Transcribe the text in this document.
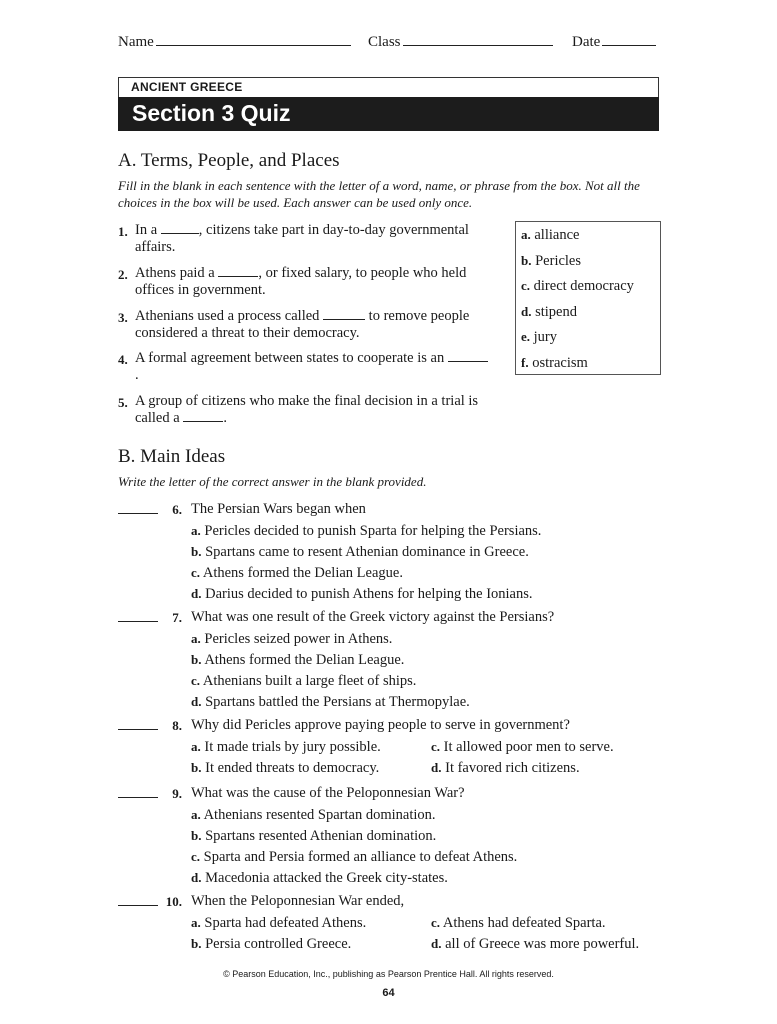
Name	Class	Date
ANCIENT GREECE
Section 3 Quiz
A. Terms, People, and Places
Fill in the blank in each sentence with the letter of a word, name, or phrase from the box. Not all the choices in the box will be used. Each answer can be used only once.
1. In a	, citizens take part in day-to-day governmental affairs.
2. Athens paid a	, or fixed salary, to people who held offices in government.
3. Athenians used a process called	to remove people considered a threat to their democracy.
4. A formal agreement between states to cooperate is an .
5. A group of citizens who make the final decision in a trial is called a	.
a. alliance
b. Pericles
c. direct democracy
d. stipend
e. jury
f. ostracism
B. Main Ideas
Write the letter of the correct answer in the blank provided.
6. The Persian Wars began when
a. Pericles decided to punish Sparta for helping the Persians.
b. Spartans came to resent Athenian dominance in Greece.
c. Athens formed the Delian League.
d. Darius decided to punish Athens for helping the Ionians.
7. What was one result of the Greek victory against the Persians?
a. Pericles seized power in Athens.
b. Athens formed the Delian League.
c. Athenians built a large fleet of ships.
d. Spartans battled the Persians at Thermopylae.
8. Why did Pericles approve paying people to serve in government?
a. It made trials by jury possible.	c. It allowed poor men to serve.
b. It ended threats to democracy.	d. It favored rich citizens.
9. What was the cause of the Peloponnesian War?
a. Athenians resented Spartan domination.
b. Spartans resented Athenian domination.
c. Sparta and Persia formed an alliance to defeat Athens.
d. Macedonia attacked the Greek city-states.
10. When the Peloponnesian War ended,
a. Sparta had defeated Athens.	c. Athens had defeated Sparta.
b. Persia controlled Greece.	d. all of Greece was more powerful.
© Pearson Education, Inc., publishing as Pearson Prentice Hall. All rights reserved.
64
